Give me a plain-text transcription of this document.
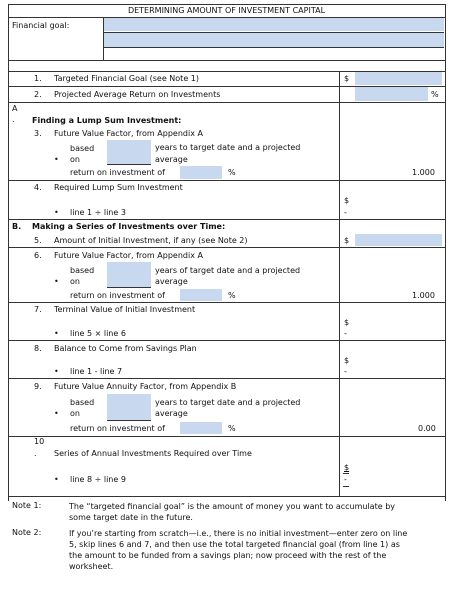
DETERMINING AMOUNT OF INVESTMENT CAPITAL
Financial goal:
1. Targeted Financial Goal (see Note 1)	$
2. Projected Average Return on Investments	%
A
. Finding a Lump Sum Investment:
3. Future Value Factor, from Appendix A
based
• on
years to target date and a projected
average
return on investment of	%	1.000
4. Required Lump Sum Investment
• line 1 ÷ line 3
$
-
B. Making a Series of Investments over Time:
5. Amount of Initial Investment, if any (see Note 2)	$
6. Future Value Factor, from Appendix A
based
• on
years of target date and a projected
average
return on investment of	%	1.000
7. Terminal Value of Initial Investment
• line 5 × line 6
$
-
8. Balance to Come from Savings Plan
• line 1 - line 7
$
-
9. Future Value Annuity Factor, from Appendix B
based
• on
years to target date and a projected
average
return on investment of	%	0.00
10
. Series of Annual Investments Required over Time
• line 8 ÷ line 9
$
-
Note 1:	The “targeted financial goal” is the amount of money you want to accumulate by some target date in the future.
Note 2:	If you’re starting from scratch—i.e., there is no initial investment—enter zero on line 5, skip lines 6 and 7, and then use the total targeted financial goal (from line 1) as the amount to be funded from a savings plan; now proceed with the rest of the worksheet.
